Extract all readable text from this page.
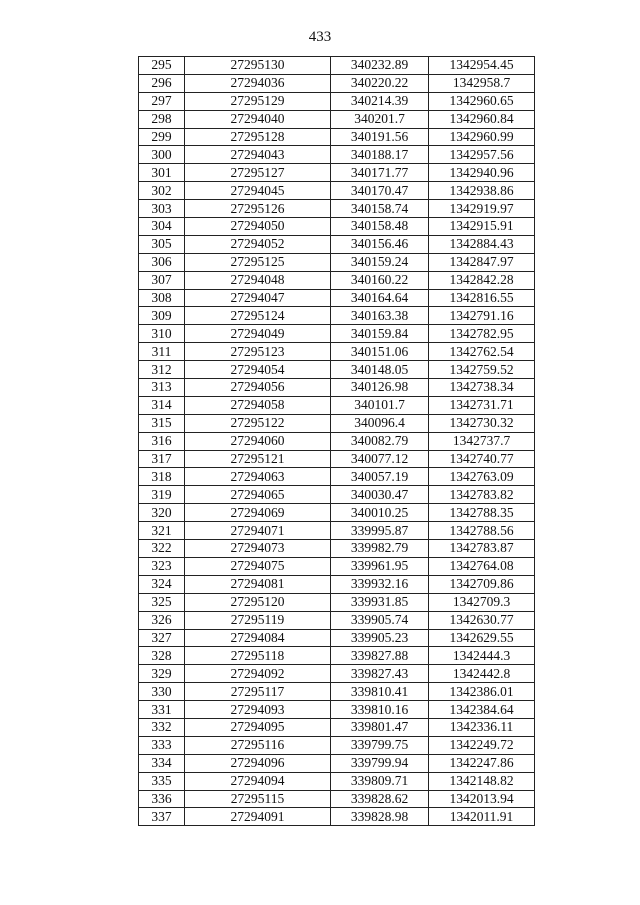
433
295	27295130	340232.89	1342954.45
296	27294036	340220.22	1342958.7
297	27295129	340214.39	1342960.65
298	27294040	340201.7	1342960.84
299	27295128	340191.56	1342960.99
300	27294043	340188.17	1342957.56
301	27295127	340171.77	1342940.96
302	27294045	340170.47	1342938.86
303	27295126	340158.74	1342919.97
304	27294050	340158.48	1342915.91
305	27294052	340156.46	1342884.43
306	27295125	340159.24	1342847.97
307	27294048	340160.22	1342842.28
308	27294047	340164.64	1342816.55
309	27295124	340163.38	1342791.16
310	27294049	340159.84	1342782.95
311	27295123	340151.06	1342762.54
312	27294054	340148.05	1342759.52
313	27294056	340126.98	1342738.34
314	27294058	340101.7	1342731.71
315	27295122	340096.4	1342730.32
316	27294060	340082.79	1342737.7
317	27295121	340077.12	1342740.77
318	27294063	340057.19	1342763.09
319	27294065	340030.47	1342783.82
320	27294069	340010.25	1342788.35
321	27294071	339995.87	1342788.56
322	27294073	339982.79	1342783.87
323	27294075	339961.95	1342764.08
324	27294081	339932.16	1342709.86
325	27295120	339931.85	1342709.3
326	27295119	339905.74	1342630.77
327	27294084	339905.23	1342629.55
328	27295118	339827.88	1342444.3
329	27294092	339827.43	1342442.8
330	27295117	339810.41	1342386.01
331	27294093	339810.16	1342384.64
332	27294095	339801.47	1342336.11
333	27295116	339799.75	1342249.72
334	27294096	339799.94	1342247.86
335	27294094	339809.71	1342148.82
336	27295115	339828.62	1342013.94
337	27294091	339828.98	1342011.91
